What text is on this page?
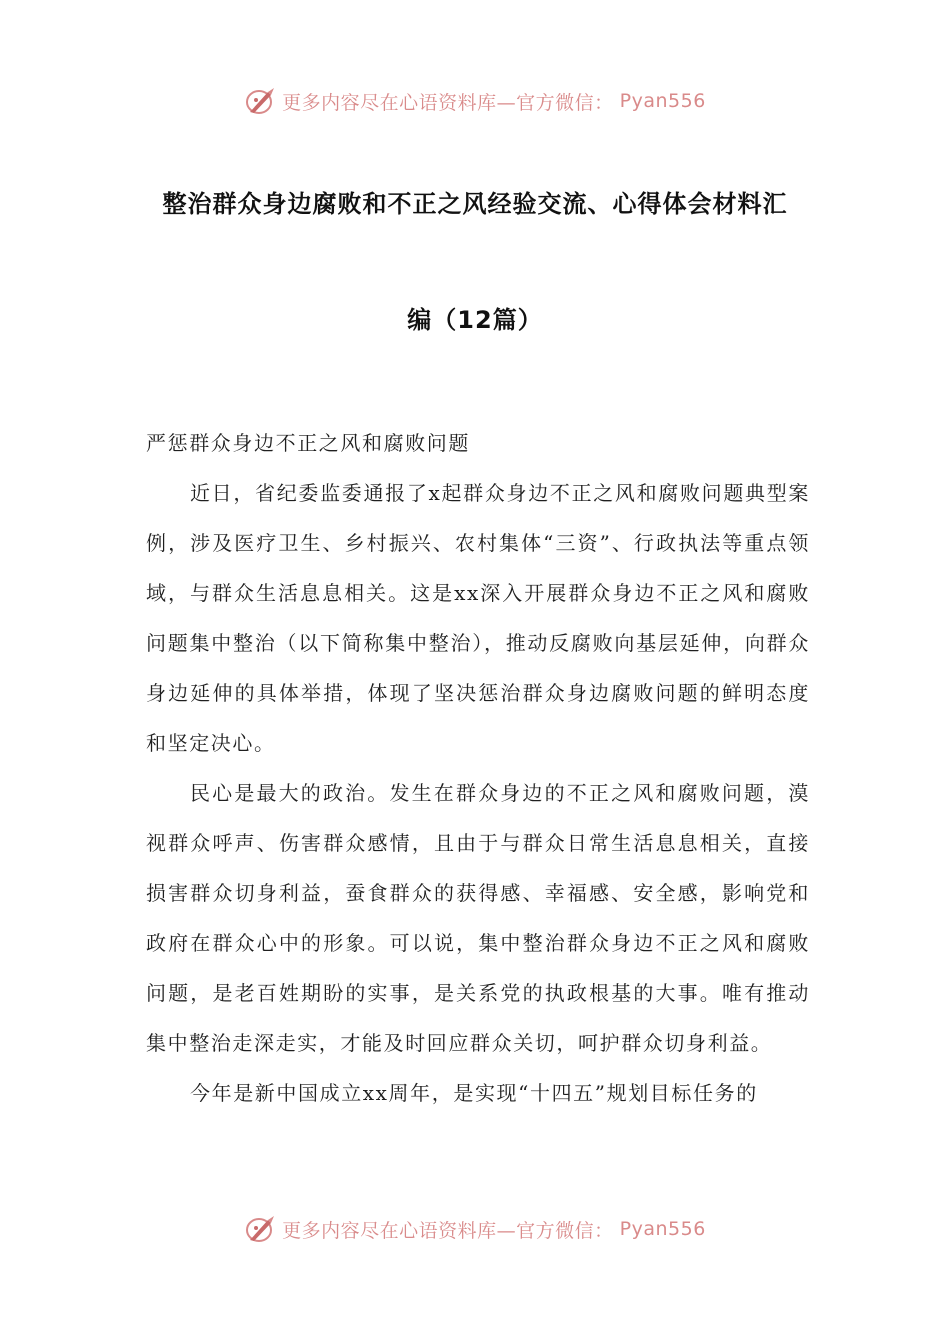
更多内容尽在心语资料库—官方微信： Pyan556
整治群众身边腐败和不正之风经验交流、心得体会材料汇
编（12篇）

严惩群众身边不正之风和腐败问题

近日，省纪委监委通报了x起群众身边不正之风和腐败问题典型案例，涉及医疗卫生、乡村振兴、农村集体“三资”、行政执法等重点领域，与群众生活息息相关。这是xx深入开展群众身边不正之风和腐败问题集中整治（以下简称集中整治），推动反腐败向基层延伸，向群众身边延伸的具体举措，体现了坚决惩治群众身边腐败问题的鲜明态度和坚定决心。

民心是最大的政治。发生在群众身边的不正之风和腐败问题，漠视群众呼声、伤害群众感情，且由于与群众日常生活息息相关，直接损害群众切身利益，蚕食群众的获得感、幸福感、安全感，影响党和政府在群众心中的形象。可以说，集中整治群众身边不正之风和腐败问题，是老百姓期盼的实事，是关系党的执政根基的大事。唯有推动集中整治走深走实，才能及时回应群众关切，呵护群众切身利益。

今年是新中国成立xx周年，是实现“十四五”规划目标任务的

更多内容尽在心语资料库—官方微信： Pyan556
